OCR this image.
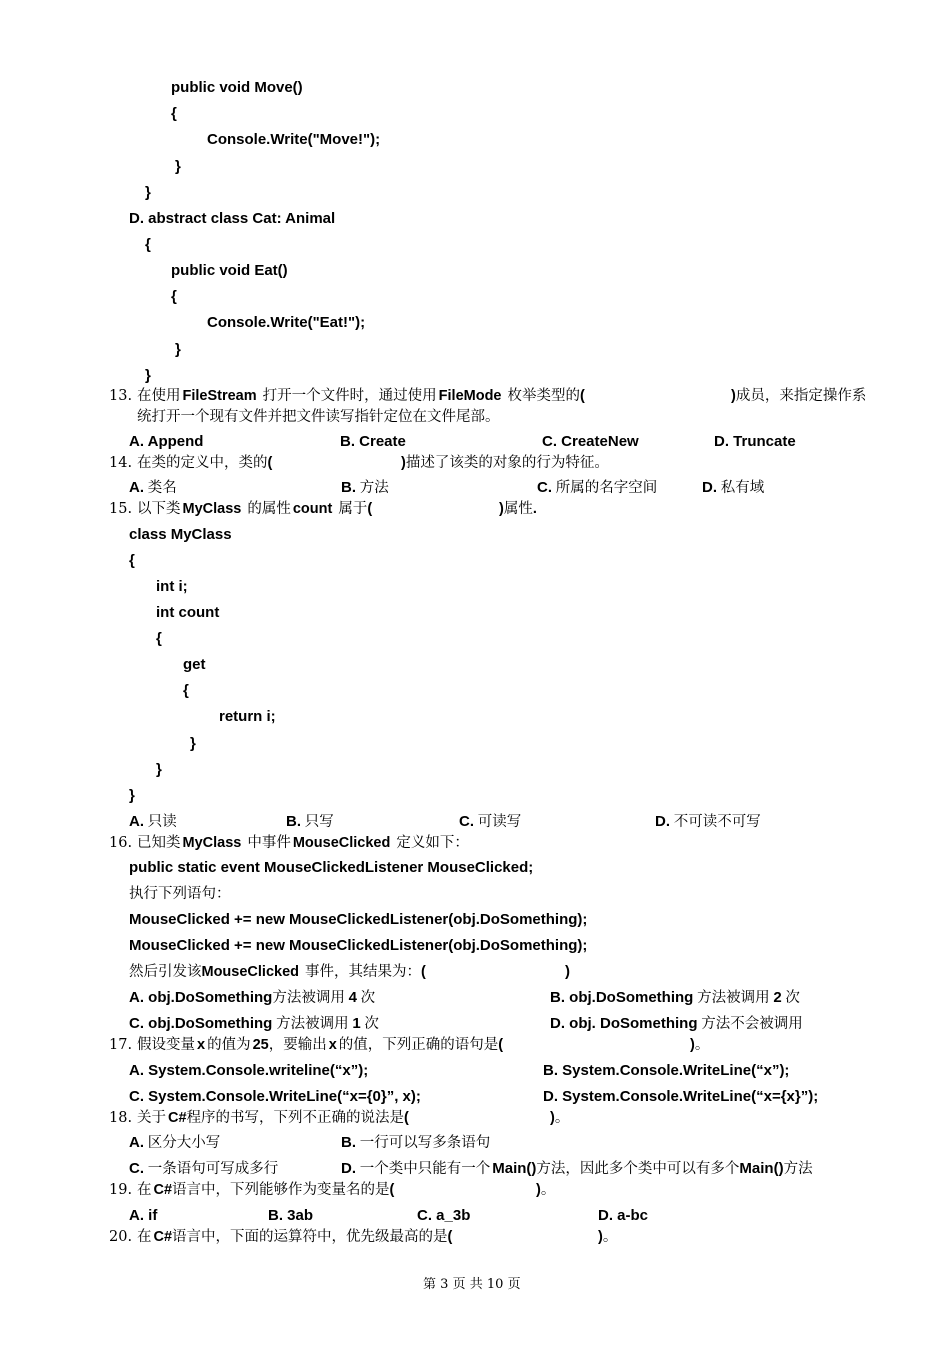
public void Move()
{
Console.Write("Move!");
}
}
D. abstract class Cat: Animal
{
public void Eat()
{
Console.Write("Eat!");
}
}
13. 在使用 FileStream 打开一个文件时，通过使用 FileMode 枚举类型的(	)成员，来指定操作系
统打开一个现有文件并把文件读写指针定位在文件尾部。
A. Append	B. Create	C. CreateNew	D. Truncate
14. 在类的定义中，类的(	)描述了该类的对象的行为特征。
A. 类名	B. 方法	C. 所属的名字空间	D. 私有域
15. 以下类 MyClass 的属性 count 属于(	)属性.
class MyClass
{
int i;
int count
{
get
{
return i;
}
}
}
A. 只读	B. 只写	C. 可读写	D. 不可读不可写
16. 已知类 MyClass 中事件 MouseClicked 定义如下：
public static event MouseClickedListener MouseClicked;
执行下列语句：
MouseClicked += new MouseClickedListener(obj.DoSomething);
MouseClicked += new MouseClickedListener(obj.DoSomething);
然后引发该MouseClicked 事件，其结果为：(	)
A. obj.DoSomething方法被调用 4 次	B. obj.DoSomething 方法被调用 2 次
C. obj.DoSomething 方法被调用 1 次	D. obj. DoSomething 方法不会被调用
17. 假设变量 x 的值为 25，要输出 x 的值，下列正确的语句是(	)。
A. System.Console.writeline(“x”);	B. System.Console.WriteLine(“x”);
C. System.Console.WriteLine(“x={0}”, x);	D. System.Console.WriteLine(“x={x}”);
18. 关于 C#程序的书写，下列不正确的说法是(	)。
A. 区分大小写	B. 一行可以写多条语句
C. 一条语句可写成多行	D. 一个类中只能有一个 Main()方法，因此多个类中可以有多个Main()方法
19. 在 C#语言中，下列能够作为变量名的是(	)。
A. if	B. 3ab	C. a_3b	D. a-bc
20. 在 C#语言中，下面的运算符中，优先级最高的是(	)。
第 3 页 共 10 页
